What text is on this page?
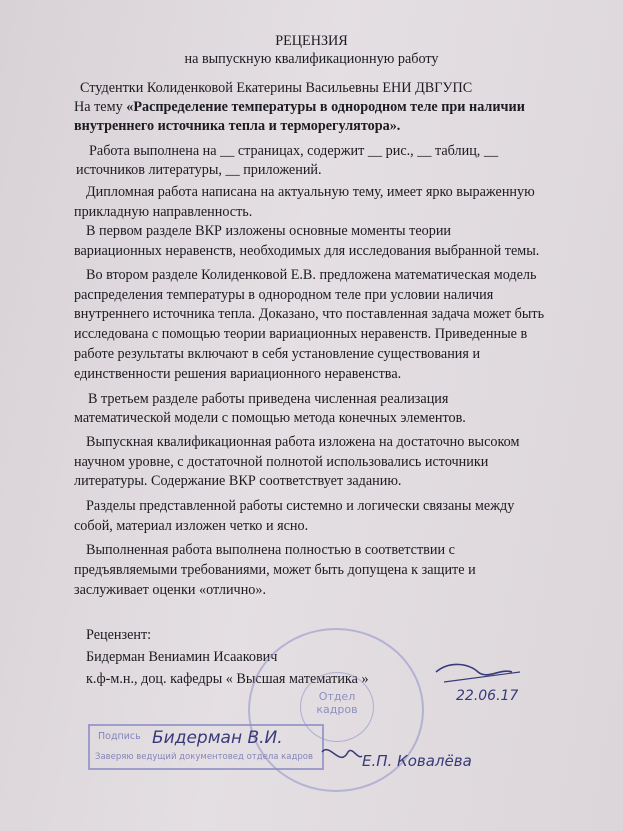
РЕЦЕНЗИЯ
на выпускную квалификационную работу
Студентки Колиденковой Екатерины Васильевны ЕНИ ДВГУПС
На тему «Распределение температуры в однородном теле при наличии
внутреннего источника тепла и терморегулятора».
Работа выполнена на __ страницах, содержит __ рис., __ таблиц, __
источников литературы, __ приложений.
Дипломная работа написана на актуальную тему, имеет ярко выраженную
прикладную направленность.
В первом разделе ВКР изложены основные моменты теории
вариационных неравенств, необходимых для исследования выбранной темы.
Во втором разделе Колиденковой Е.В. предложена математическая модель
распределения температуры в однородном теле при условии наличия
внутреннего источника тепла. Доказано, что поставленная задача может быть
исследована с помощью теории вариационных неравенств. Приведенные в
работе результаты включают в себя установление существования и
единственности решения вариационного неравенства.
В третьем разделе работы приведена численная реализация
математической модели с помощью метода конечных элементов.
Выпускная квалификационная работа изложена на достаточно высоком
научном уровне, с достаточной полнотой использовались источники
литературы. Содержание ВКР соответствует заданию.
Разделы представленной работы системно и логически связаны между
собой, материал изложен четко и ясно.
Выполненная работа выполнена полностью в соответствии с
предъявляемыми требованиями, может быть допущена к защите и
заслуживает оценки «отлично».
Рецензент:
Бидерман Вениамин Исаакович
к.ф-м.н., доц. кафедры « Высшая математика »
Отдел кадров
Подпись
Заверяю ведущий документовед отдела кадров
Бидерман В.И.
Е.П. Ковалёва
22.06.17
